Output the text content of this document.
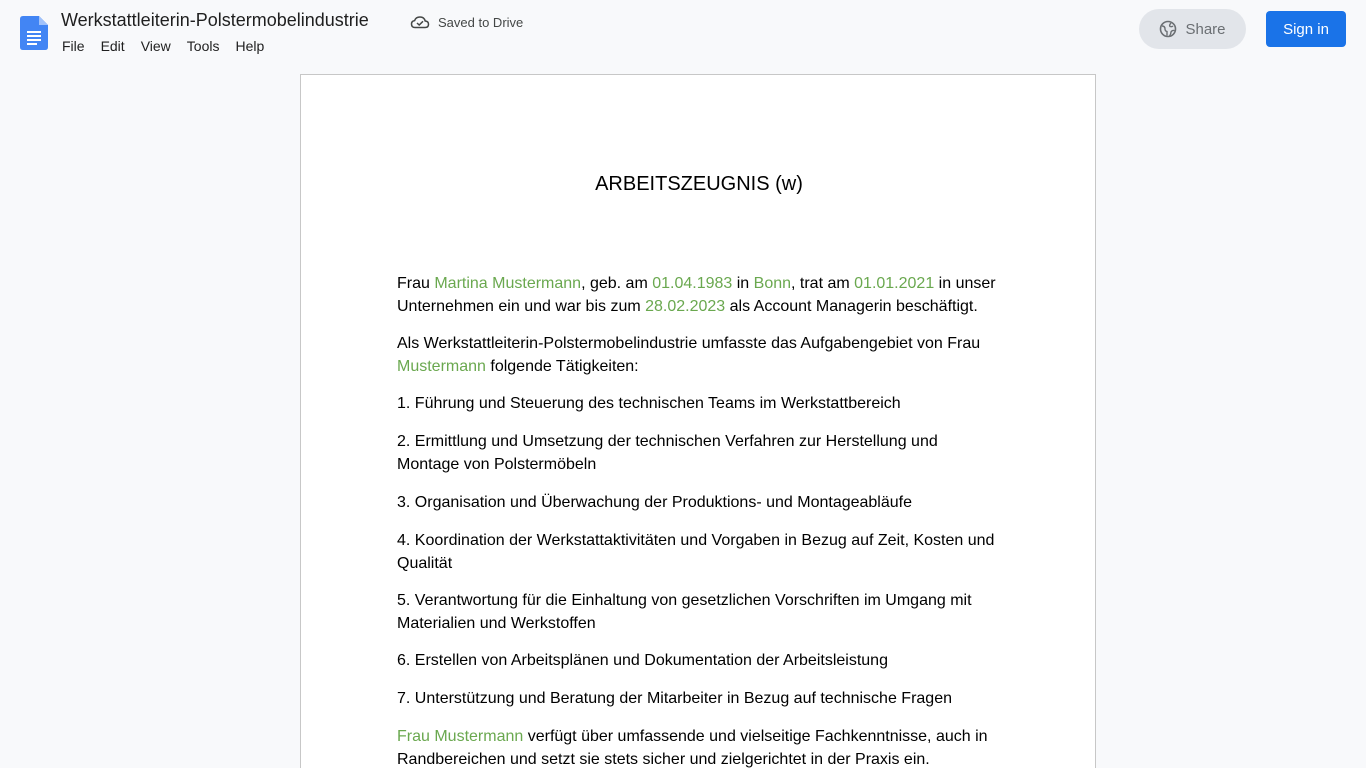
Werkstattleiterin-Polstermobelindustrie	Saved to Drive
File	Edit	View	Tools	Help
Share	Sign in
ARBEITSZEUGNIS (w)

Frau Martina Mustermann, geb. am 01.04.1983 in Bonn, trat am 01.01.2021 in unser Unternehmen ein und war bis zum 28.02.2023 als Account Managerin beschäftigt.

Als Werkstattleiterin-Polstermobelindustrie umfasste das Aufgabengebiet von Frau Mustermann folgende Tätigkeiten:

1. Führung und Steuerung des technischen Teams im Werkstattbereich

2. Ermittlung und Umsetzung der technischen Verfahren zur Herstellung und Montage von Polstermöbeln

3. Organisation und Überwachung der Produktions- und Montageabläufe

4. Koordination der Werkstattaktivitäten und Vorgaben in Bezug auf Zeit, Kosten und Qualität

5. Verantwortung für die Einhaltung von gesetzlichen Vorschriften im Umgang mit Materialien und Werkstoffen

6. Erstellen von Arbeitsplänen und Dokumentation der Arbeitsleistung

7. Unterstützung und Beratung der Mitarbeiter in Bezug auf technische Fragen

Frau Mustermann verfügt über umfassende und vielseitige Fachkenntnisse, auch in Randbereichen und setzt sie stets sicher und zielgerichtet in der Praxis ein.
